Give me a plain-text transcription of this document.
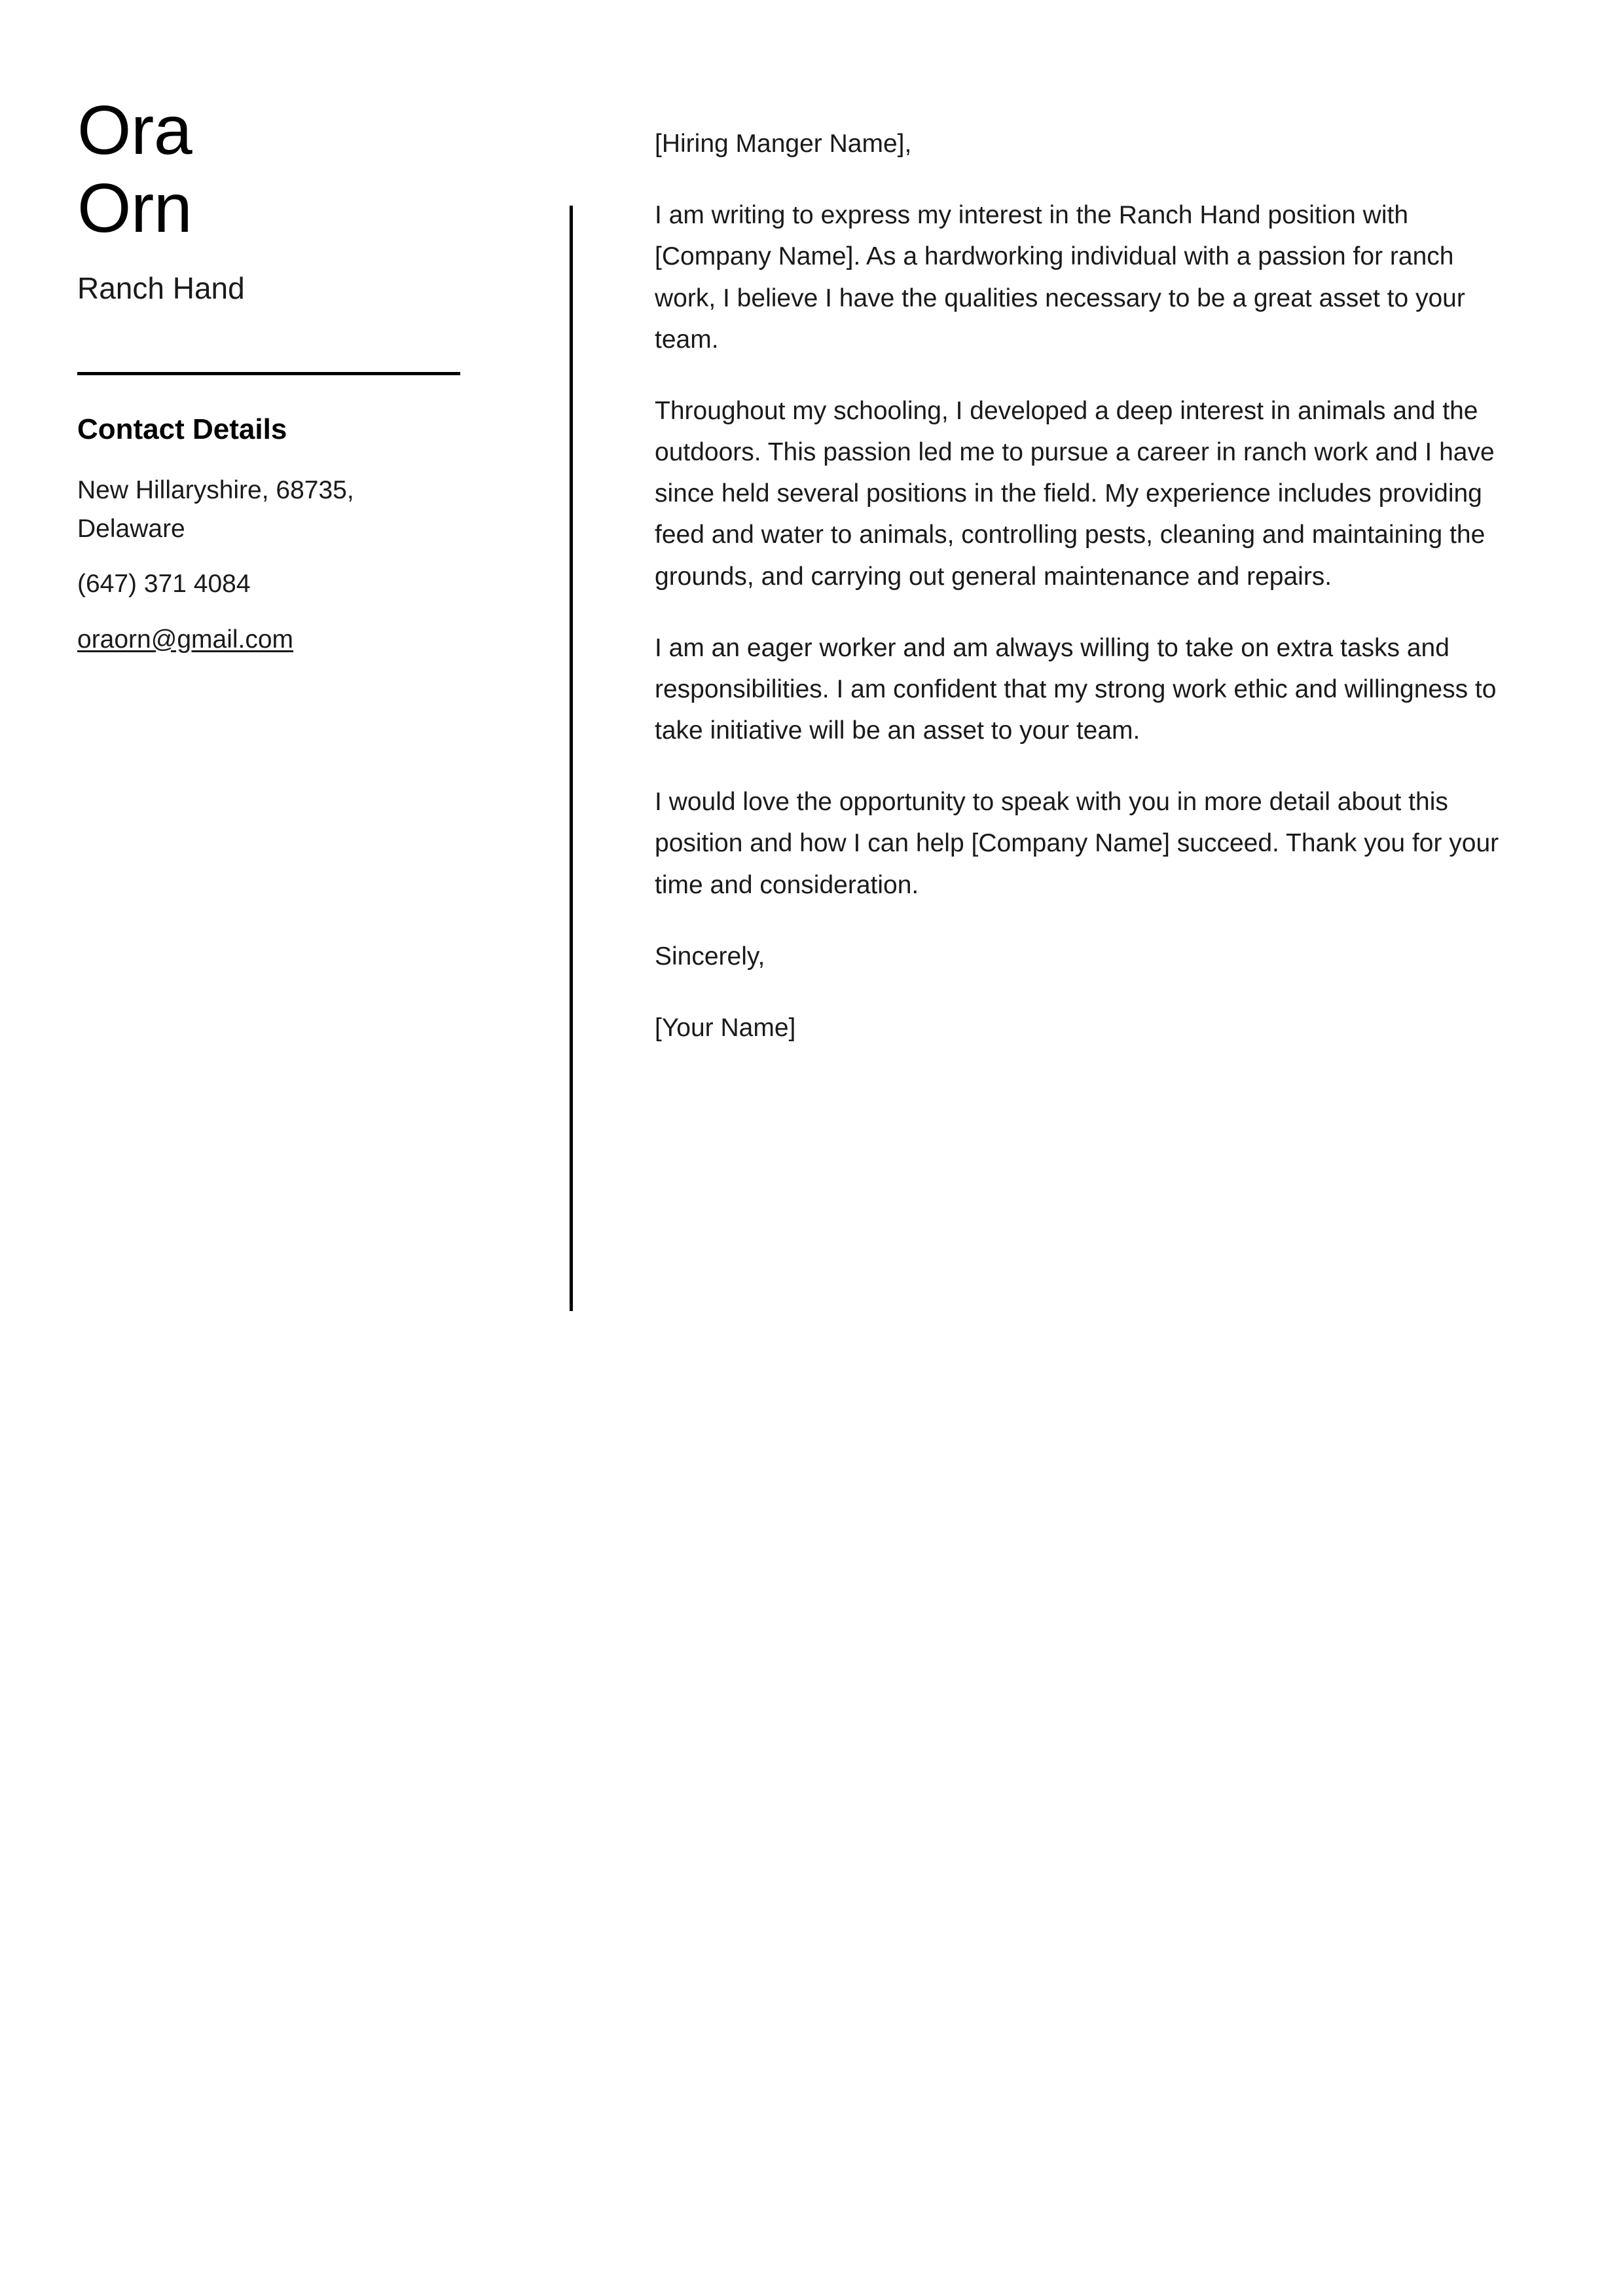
Ora
Orn
Ranch Hand
Contact Details
New Hillaryshire, 68735, Delaware
(647) 371 4084
oraorn@gmail.com

[Hiring Manger Name],

I am writing to express my interest in the Ranch Hand position with [Company Name]. As a hardworking individual with a passion for ranch work, I believe I have the qualities necessary to be a great asset to your team.

Throughout my schooling, I developed a deep interest in animals and the outdoors. This passion led me to pursue a career in ranch work and I have since held several positions in the field. My experience includes providing feed and water to animals, controlling pests, cleaning and maintaining the grounds, and carrying out general maintenance and repairs.

I am an eager worker and am always willing to take on extra tasks and responsibilities. I am confident that my strong work ethic and willingness to take initiative will be an asset to your team.

I would love the opportunity to speak with you in more detail about this position and how I can help [Company Name] succeed. Thank you for your time and consideration.

Sincerely,

[Your Name]
